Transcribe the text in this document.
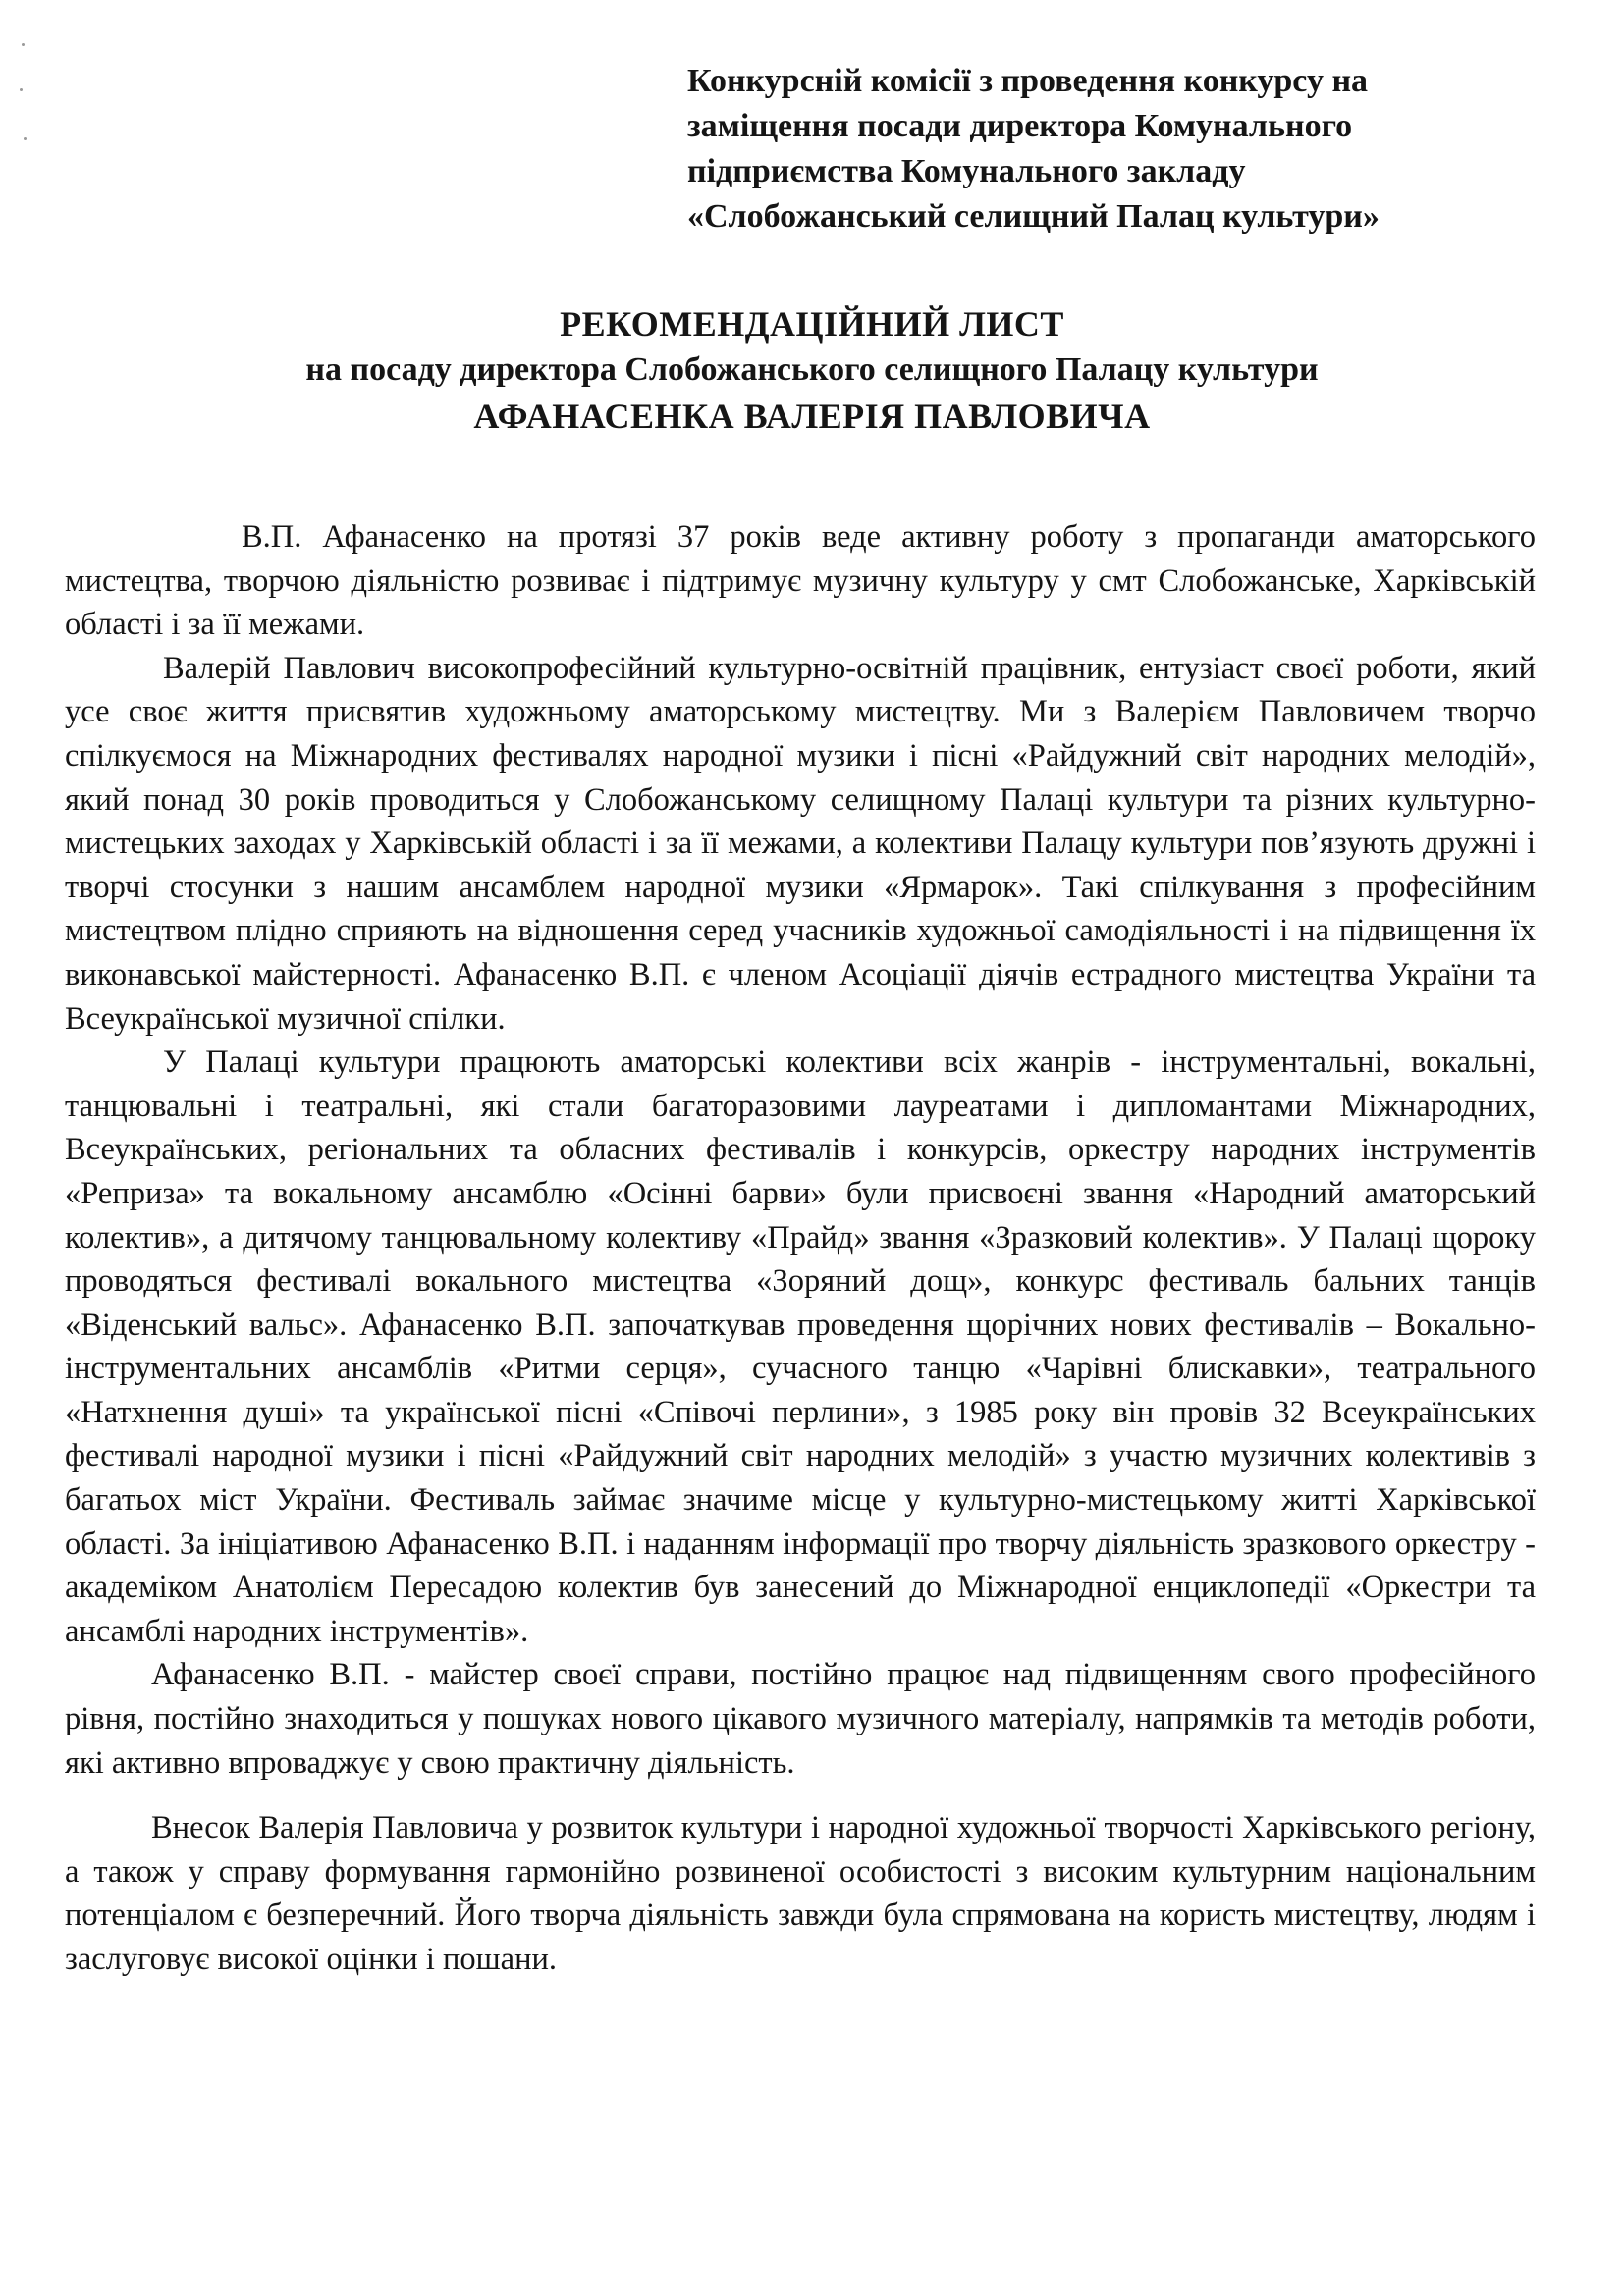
Конкурсній комісії з проведення конкурсу на
заміщення посади директора Комунального
підприємства Комунального закладу
«Слобожанський селищний Палац культури»
РЕКОМЕНДАЦІЙНИЙ ЛИСТ
на посаду директора Слобожанського селищного Палацу культури
АФАНАСЕНКА ВАЛЕРІЯ ПАВЛОВИЧА

В.П. Афанасенко на протязі 37 років веде активну роботу з пропаганди аматорського мистецтва, творчою діяльністю розвиває і підтримує музичну культуру у смт Слобожанське, Харківській області і за її межами.

Валерій Павлович високопрофесійний культурно-освітній працівник, ентузіаст своєї роботи, який усе своє життя присвятив художньому аматорському мистецтву. Ми з Валерієм Павловичем творчо спілкуємося на Міжнародних фестивалях народної музики і пісні «Райдужний світ народних мелодій», який понад 30 років проводиться у Слобожанському селищному Палаці культури та різних культурно-мистецьких заходах у Харківській області і за її межами, а колективи Палацу культури пов’язують дружні і творчі стосунки з нашим ансамблем народної музики «Ярмарок». Такі спілкування з професійним мистецтвом плідно сприяють на відношення серед учасників художньої самодіяльності і на підвищення їх виконавської майстерності. Афанасенко В.П. є членом Асоціації діячів естрадного мистецтва України та Всеукраїнської музичної спілки.

У Палаці культури працюють аматорські колективи всіх жанрів - інструментальні, вокальні, танцювальні і театральні, які стали багаторазовими лауреатами і дипломантами Міжнародних, Всеукраїнських, регіональних та обласних фестивалів і конкурсів, оркестру народних інструментів «Реприза» та вокальному ансамблю «Осінні барви» були присвоєні звання «Народний аматорський колектив», а дитячому танцювальному колективу «Прайд» звання «Зразковий колектив». У Палаці щороку проводяться фестивалі вокального мистецтва «Зоряний дощ», конкурс фестиваль бальних танців «Віденський вальс». Афанасенко В.П. започаткував проведення щорічних нових фестивалів – Вокально-інструментальних ансамблів «Ритми серця», сучасного танцю «Чарівні блискавки», театрального «Натхнення душі» та української пісні «Співочі перлини», з 1985 року він провів 32 Всеукраїнських фестивалі народної музики і пісні «Райдужний світ народних мелодій» з участю музичних колективів з багатьох міст України. Фестиваль займає значиме місце у культурно-мистецькому житті Харківської області. За ініціативою Афанасенко В.П. і наданням інформації про творчу діяльність зразкового оркестру - академіком Анатолієм Пересадою колектив був занесений до Міжнародної енциклопедії «Оркестри та ансамблі народних інструментів».

Афанасенко В.П. - майстер своєї справи, постійно працює над підвищенням свого професійного рівня, постійно знаходиться у пошуках нового цікавого музичного матеріалу, напрямків та методів роботи, які активно впроваджує у свою практичну діяльність.

Внесок Валерія Павловича у розвиток культури і народної художньої творчості Харківського регіону, а також у справу формування гармонійно розвиненої особистості з високим культурним національним потенціалом є безперечний. Його творча діяльність завжди була спрямована на користь мистецтву, людям і заслуговує високої оцінки і пошани.
